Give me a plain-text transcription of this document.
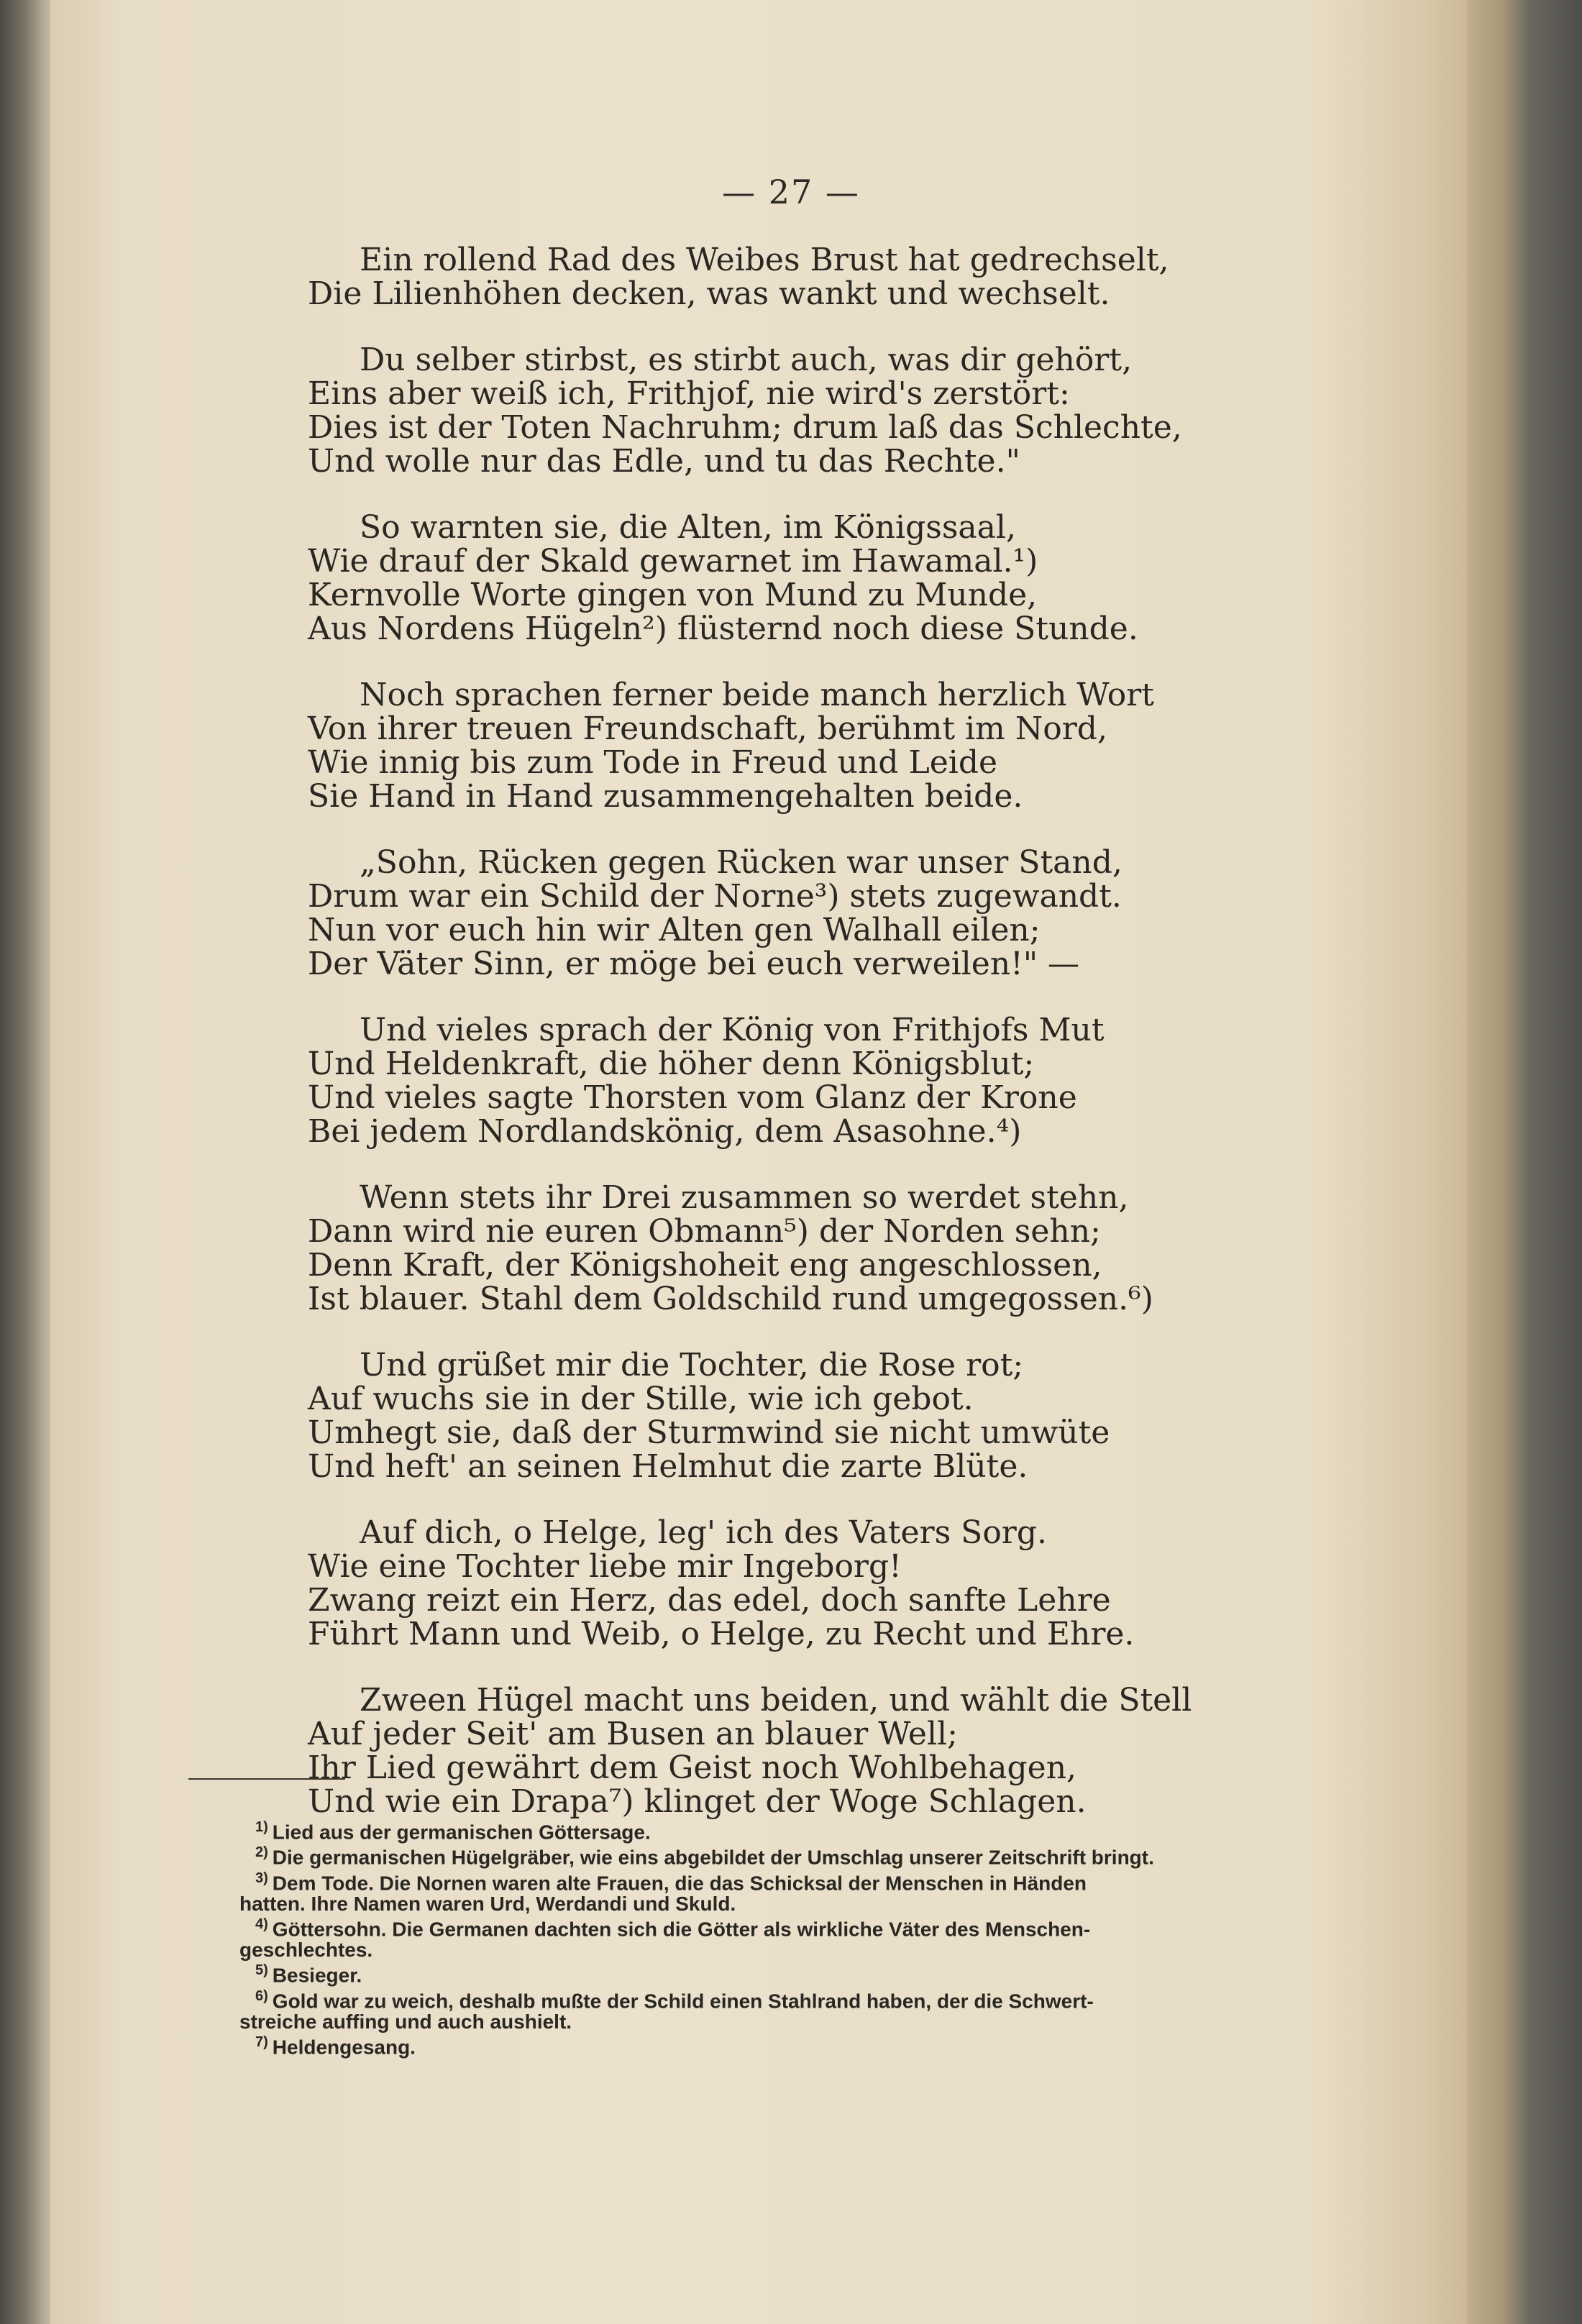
— 27 —
Ein rollend Rad des Weibes Brust hat gedrechselt,
Die Lilienhöhen decken, was wankt und wechselt.
Du selber stirbst, es stirbt auch, was dir gehört,
Eins aber weiß ich, Frithjof, nie wird's zerstört:
Dies ist der Toten Nachruhm; drum laß das Schlechte,
Und wolle nur das Edle, und tu das Rechte."
So warnten sie, die Alten, im Königssaal,
Wie drauf der Skald gewarnet im Hawamal.¹)
Kernvolle Worte gingen von Mund zu Munde,
Aus Nordens Hügeln²) flüsternd noch diese Stunde.
Noch sprachen ferner beide manch herzlich Wort
Von ihrer treuen Freundschaft, berühmt im Nord,
Wie innig bis zum Tode in Freud und Leide
Sie Hand in Hand zusammengehalten beide.
„Sohn, Rücken gegen Rücken war unser Stand,
Drum war ein Schild der Norne³) stets zugewandt.
Nun vor euch hin wir Alten gen Walhall eilen;
Der Väter Sinn, er möge bei euch verweilen!" —
Und vieles sprach der König von Frithjofs Mut
Und Heldenkraft, die höher denn Königsblut;
Und vieles sagte Thorsten vom Glanz der Krone
Bei jedem Nordlandskönig, dem Asasohne.⁴)
Wenn stets ihr Drei zusammen so werdet stehn,
Dann wird nie euren Obmann⁵) der Norden sehn;
Denn Kraft, der Königshoheit eng angeschlossen,
Ist blauer. Stahl dem Goldschild rund umgegossen.⁶)
Und grüßet mir die Tochter, die Rose rot;
Auf wuchs sie in der Stille, wie ich gebot.
Umhegt sie, daß der Sturmwind sie nicht umwüte
Und heft' an seinen Helmhut die zarte Blüte.
Auf dich, o Helge, leg' ich des Vaters Sorg.
Wie eine Tochter liebe mir Ingeborg!
Zwang reizt ein Herz, das edel, doch sanfte Lehre
Führt Mann und Weib, o Helge, zu Recht und Ehre.
Zween Hügel macht uns beiden, und wählt die Stell
Auf jeder Seit' am Busen an blauer Well;
Ihr Lied gewährt dem Geist noch Wohlbehagen,
Und wie ein Drapa⁷) klinget der Woge Schlagen.
$^{1)}$ Lied aus der germanischen Göttersage.
$^{2)}$ Die germanischen Hügelgräber, wie eins abgebildet der Umschlag unserer Zeitschrift bringt.
$^{3)}$ Dem Tode. Die Nornen waren alte Frauen, die das Schicksal der Menschen in Händen
hatten. Ihre Namen waren Urd, Werdandi und Skuld.
$^{4)}$ Göttersohn. Die Germanen dachten sich die Götter als wirkliche Väter des Menschen-
geschlechtes.
$^{5)}$ Besieger.
$^{6)}$ Gold war zu weich, deshalb mußte der Schild einen Stahlrand haben, der die Schwert-
streiche auffing und auch aushielt.
$^{7)}$ Heldengesang.
